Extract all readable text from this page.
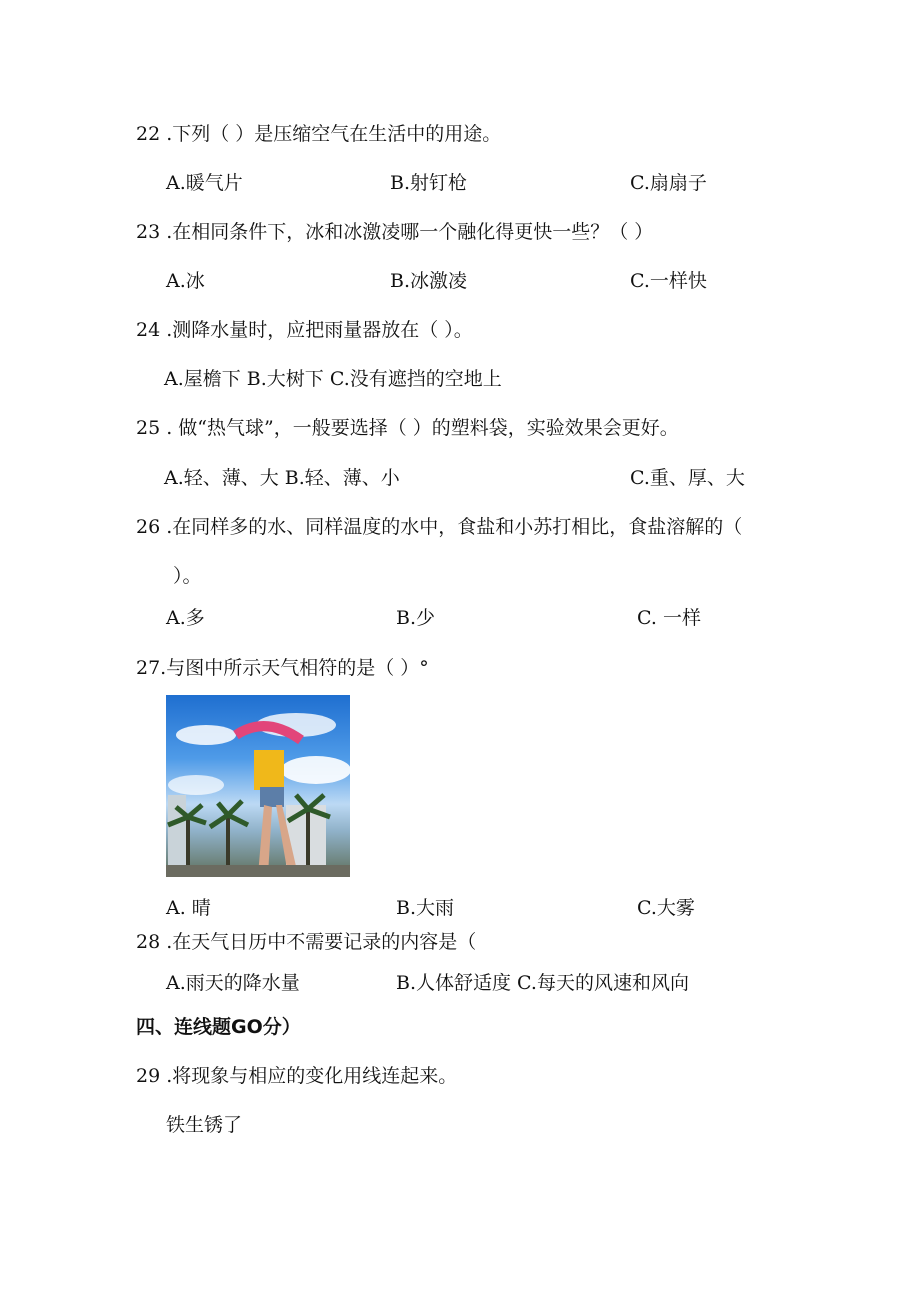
22 .下列（ ）是压缩空气在生活中的用途。
A.暖气片	B.射钉枪	C.扇扇子
23 .在相同条件下，冰和冰激凌哪一个融化得更快一些？（ ）
A.冰	B.冰激凌	C.一样快
24 .测降水量时，应把雨量器放在（ ）。
A.屋檐下 B.大树下 C.没有遮挡的空地上
25 . 做“热气球”，一般要选择（ ）的塑料袋，实验效果会更好。
A.轻、薄、大 B.轻、薄、小	C.重、厚、大
26 .在同样多的水、同样温度的水中，食盐和小苏打相比，食盐溶解的（
）。
A.多	B.少	C. 一样
27.与图中所示天气相符的是（ ）°
A. 晴	B.大雨	C.大雾
28 .在天气日历中不需要记录的内容是（
A.雨天的降水量	B.人体舒适度 C.每天的风速和风向
四、连线题GO分）
29 .将现象与相应的变化用线连起来。
铁生锈了
